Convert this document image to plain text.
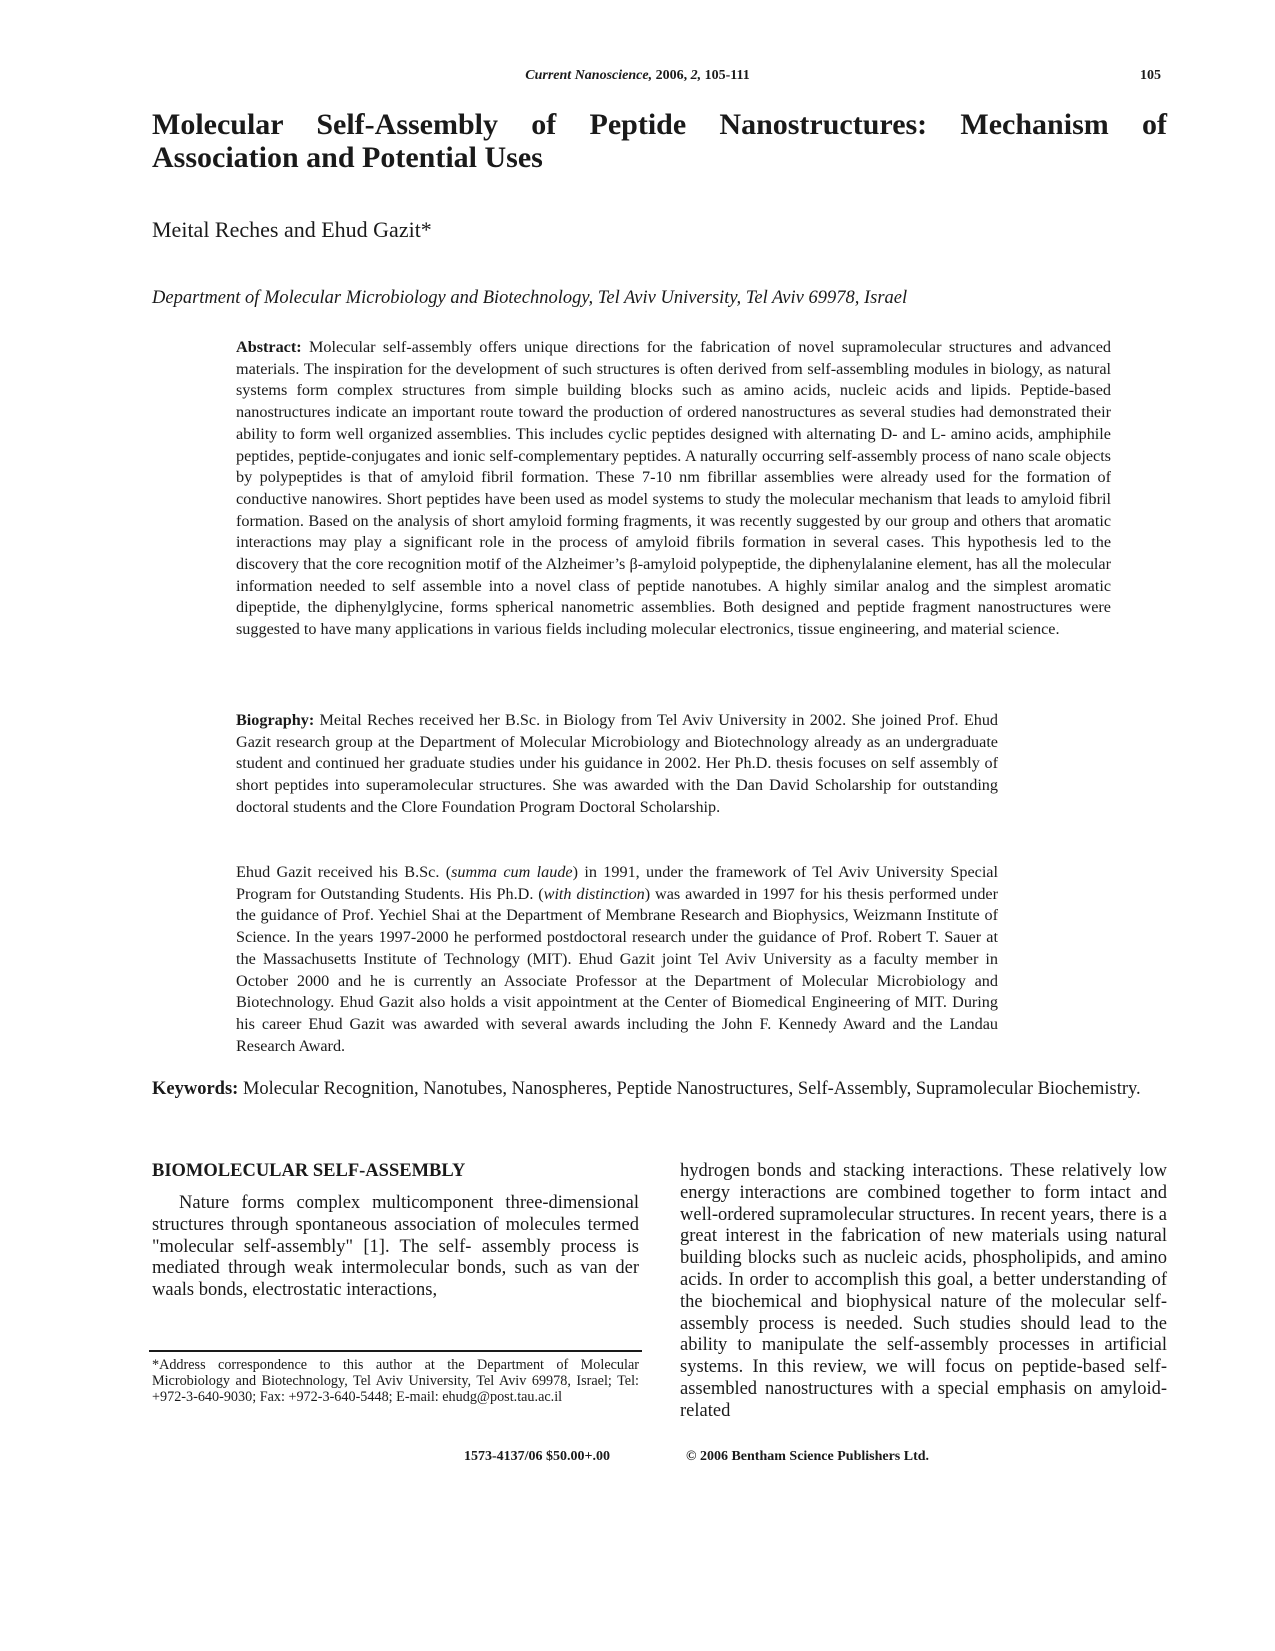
Current Nanoscience, 2006, 2, 105-111	105
Molecular Self-Assembly of Peptide Nanostructures: Mechanism of
Association and Potential Uses
Meital Reches and Ehud Gazit*
Department of Molecular Microbiology and Biotechnology, Tel Aviv University, Tel Aviv 69978, Israel
Abstract: Molecular self-assembly offers unique directions for the fabrication of novel supramolecular structures and advanced materials. The inspiration for the development of such structures is often derived from self-assembling modules in biology, as natural systems form complex structures from simple building blocks such as amino acids, nucleic acids and lipids. Peptide-based nanostructures indicate an important route toward the production of ordered nanostructures as several studies had demonstrated their ability to form well organized assemblies. This includes cyclic peptides designed with alternating D- and L- amino acids, amphiphile peptides, peptide-conjugates and ionic self-complementary peptides. A naturally occurring self-assembly process of nano scale objects by polypeptides is that of amyloid fibril formation. These 7-10 nm fibrillar assemblies were already used for the formation of conductive nanowires. Short peptides have been used as model systems to study the molecular mechanism that leads to amyloid fibril formation. Based on the analysis of short amyloid forming fragments, it was recently suggested by our group and others that aromatic interactions may play a significant role in the process of amyloid fibrils formation in several cases. This hypothesis led to the discovery that the core recognition motif of the Alzheimer’s β-amyloid polypeptide, the diphenylalanine element, has all the molecular information needed to self assemble into a novel class of peptide nanotubes. A highly similar analog and the simplest aromatic dipeptide, the diphenylglycine, forms spherical nanometric assemblies. Both designed and peptide fragment nanostructures were suggested to have many applications in various fields including molecular electronics, tissue engineering, and material science.
Biography: Meital Reches received her B.Sc. in Biology from Tel Aviv University in 2002. She joined Prof. Ehud Gazit research group at the Department of Molecular Microbiology and Biotechnology already as an undergraduate student and continued her graduate studies under his guidance in 2002. Her Ph.D. thesis focuses on self assembly of short peptides into superamolecular structures. She was awarded with the Dan David Scholarship for outstanding doctoral students and the Clore Foundation Program Doctoral Scholarship.
Ehud Gazit received his B.Sc. (summa cum laude) in 1991, under the framework of Tel Aviv University Special Program for Outstanding Students. His Ph.D. (with distinction) was awarded in 1997 for his thesis performed under the guidance of Prof. Yechiel Shai at the Department of Membrane Research and Biophysics, Weizmann Institute of Science. In the years 1997-2000 he performed postdoctoral research under the guidance of Prof. Robert T. Sauer at the Massachusetts Institute of Technology (MIT). Ehud Gazit joint Tel Aviv University as a faculty member in October 2000 and he is currently an Associate Professor at the Department of Molecular Microbiology and Biotechnology. Ehud Gazit also holds a visit appointment at the Center of Biomedical Engineering of MIT. During his career Ehud Gazit was awarded with several awards including the John F. Kennedy Award and the Landau Research Award.
Keywords: Molecular Recognition, Nanotubes, Nanospheres, Peptide Nanostructures, Self-Assembly, Supramolecular Biochemistry.
BIOMOLECULAR SELF-ASSEMBLY
Nature forms complex multicomponent three-dimensional structures through spontaneous association of molecules termed "molecular self-assembly" [1]. The self- assembly process is mediated through weak intermolecular bonds, such as van der waals bonds, electrostatic interactions,
hydrogen bonds and stacking interactions. These relatively low energy interactions are combined together to form intact and well-ordered supramolecular structures. In recent years, there is a great interest in the fabrication of new materials using natural building blocks such as nucleic acids, phospholipids, and amino acids. In order to accomplish this goal, a better understanding of the biochemical and biophysical nature of the molecular self-assembly process is needed. Such studies should lead to the ability to manipulate the self-assembly processes in artificial systems. In this review, we will focus on peptide-based self-assembled nanostructures with a special emphasis on amyloid-related
*Address correspondence to this author at the Department of Molecular Microbiology and Biotechnology, Tel Aviv University, Tel Aviv 69978, Israel; Tel: +972-3-640-9030; Fax: +972-3-640-5448; E-mail: ehudg@post.tau.ac.il
1573-4137/06 $50.00+.00	© 2006 Bentham Science Publishers Ltd.
